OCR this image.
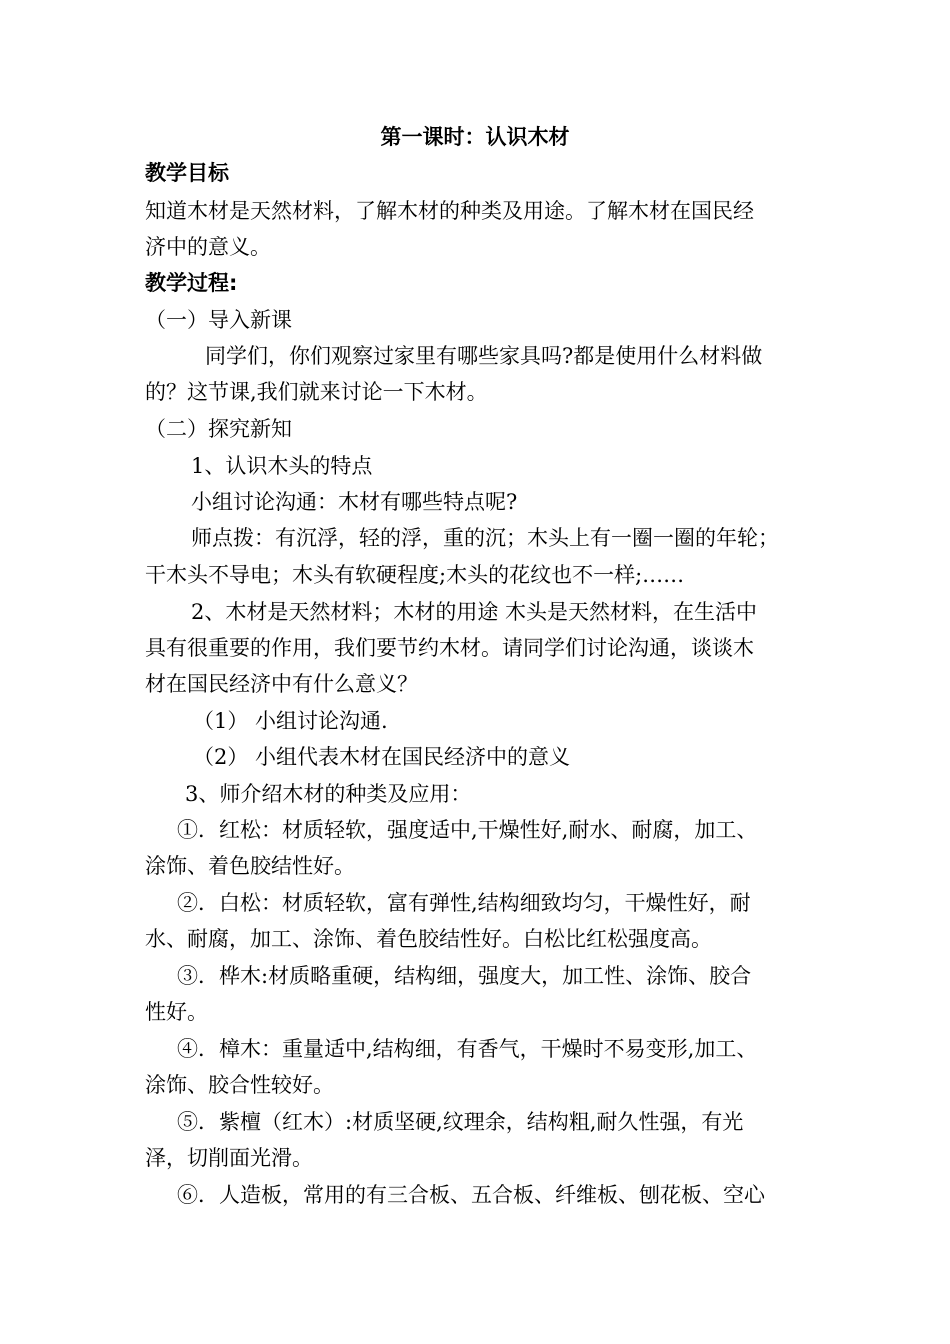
第一课时：认识木材
教学目标
知道木材是天然材料，了解木材的种类及用途。了解木材在国民经
济中的意义。
教学过程:
（一）导入新课
同学们，你们观察过家里有哪些家具吗?都是使用什么材料做
的？这节课,我们就来讨论一下木材。
（二）探究新知
1、认识木头的特点
小组讨论沟通：木材有哪些特点呢?
师点拨：有沉浮，轻的浮，重的沉；木头上有一圈一圈的年轮；
干木头不导电；木头有软硬程度;木头的花纹也不一样;……
2、木材是天然材料；木材的用途 木头是天然材料，在生活中
具有很重要的作用，我们要节约木材。请同学们讨论沟通，谈谈木
材在国民经济中有什么意义？
（1） 小组讨论沟通.
（2） 小组代表木材在国民经济中的意义
3、师介绍木材的种类及应用：
①．红松：材质轻软，强度适中,干燥性好,耐水、耐腐，加工、
涂饰、着色胶结性好。
②．白松：材质轻软，富有弹性,结构细致均匀，干燥性好，耐
水、耐腐，加工、涂饰、着色胶结性好。白松比红松强度高。
③．桦木:材质略重硬，结构细，强度大，加工性、涂饰、胶合
性好。
④．樟木：重量适中,结构细，有香气，干燥时不易变形,加工、
涂饰、胶合性较好。
⑤．紫檀（红木）:材质坚硬,纹理余，结构粗,耐久性强，有光
泽，切削面光滑。
⑥．人造板，常用的有三合板、五合板、纤维板、刨花板、空心
